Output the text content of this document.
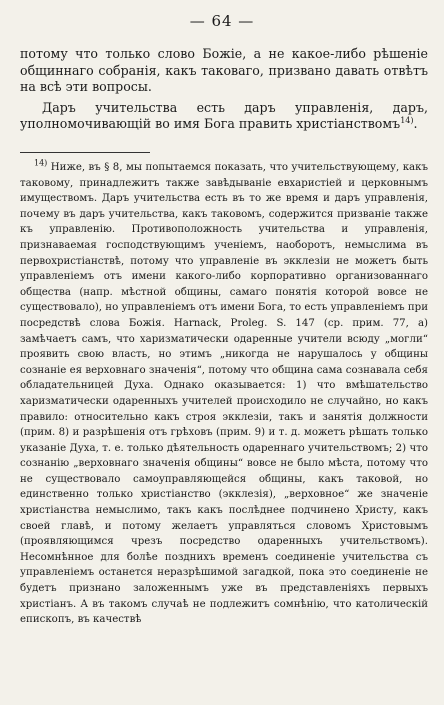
— 64 —

потому что только слово Божіе, а не какое-либо рѣшеніе общиннаго собранія, какъ таковаго, призвано давать отвѣтъ на всѣ эти вопросы.

Даръ учительства есть даръ управленія, даръ, уполномочивающій во имя Бога править христіанствомъ$^{14)}$.

$^{14)}$ Ниже, въ § 8, мы попытаемся показать, что учительствующему, какъ таковому, принадлежитъ также завѣдываніе евхаристіей и церковнымъ имуществомъ. Даръ учительства есть въ то же время и даръ управленія, почему въ даръ учительства, какъ таковомъ, содержится призваніе также къ управленію. Противоположность учительства и управленія, признаваемая господствующимъ ученіемъ, наоборотъ, немыслима въ первохристіанствѣ, потому что управленіе въ экклезіи не можетъ быть управленіемъ отъ имени какого-либо корпоративно организованнаго общества (напр. мѣстной общины, самаго понятія которой вовсе не существовало), но управленіемъ отъ имени Бога, то есть управленіемъ при посредствѣ слова Божія. Harnack, Proleg. S. 147 (ср. прим. 77, а) замѣчаетъ самъ, что харизматически одаренные учители всюду „могли“ проявить свою власть, но этимъ „никогда не нарушалось у общины сознаніе ея верховнаго значенія“, потому что община сама сознавала себя обладательницей Духа. Однако оказывается: 1) что вмѣшательство харизматически одаренныхъ учителей происходило не случайно, но какъ правило: относительно какъ строя экклезіи, такъ и занятія должности (прим. 8) и разрѣшенія отъ грѣховъ (прим. 9) и т. д. можетъ рѣшать только указаніе Духа, т. е. только дѣятельность одареннаго учительствомъ; 2) что сознанію „верховнаго значенія общины“ вовсе не было мѣста, потому что не существовало самоуправляющейся общины, какъ таковой, но единственно только христіанство (экклезія), „верховное“ же значеніе христіанства немыслимо, такъ какъ послѣднее подчинено Христу, какъ своей главѣ, и потому желаетъ управляться словомъ Христовымъ (проявляющимся чрезъ посредство одаренныхъ учительствомъ). Несомнѣнное для болѣе позднихъ временъ соединеніе учительства съ управленіемъ останется неразрѣшимой загадкой, пока это соединеніе не будетъ признано заложеннымъ уже въ представленіяхъ первыхъ христіанъ. А въ такомъ случаѣ не подлежитъ сомнѣнію, что католическій епископъ, въ качествѣ
